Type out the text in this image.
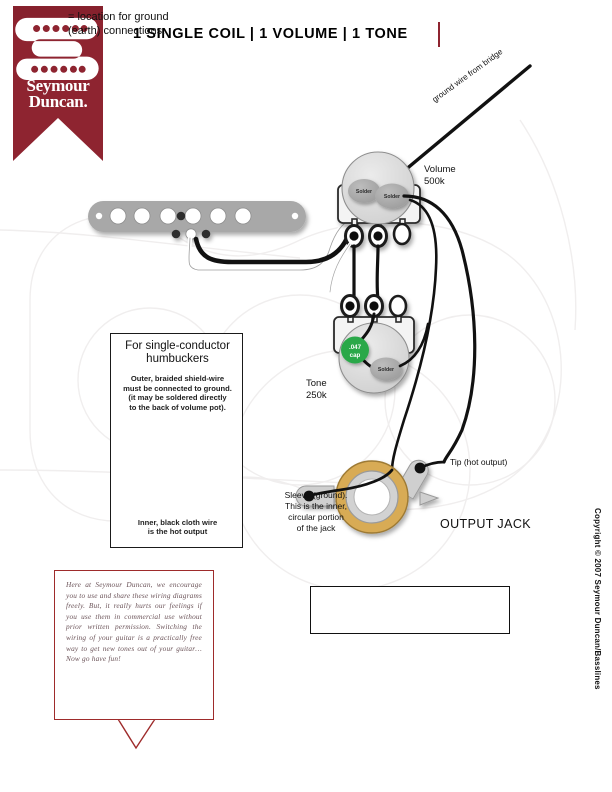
Seymour
Duncan.
1 SINGLE COIL | 1 VOLUME | 1 TONE
Solder
Solder
.047
cap
Solder
Volume
500k
Tone
250k
Tip (hot output)
Sleeve (ground).
This is the inner,
circular portion
of the jack	OUTPUT JACK
ground wire from bridge
For single-conductor
humbuckers
Outer, braided shield-wire
must be connected to ground.
(it may be soldered directly
to the back of volume pot).
Inner, black cloth wire
is the hot output
= location for ground
(earth) connections.

Here at Seymour Duncan, we encourage you to use and share these wiring diagrams freely. But, it really hurts our feelings if you use them in commercial use without prior written permission. Switching the wiring of your guitar is a practically free way to get new tones out of your guitar… Now go have fun!	Copyright © 2007 Seymour Duncan/Basslines
